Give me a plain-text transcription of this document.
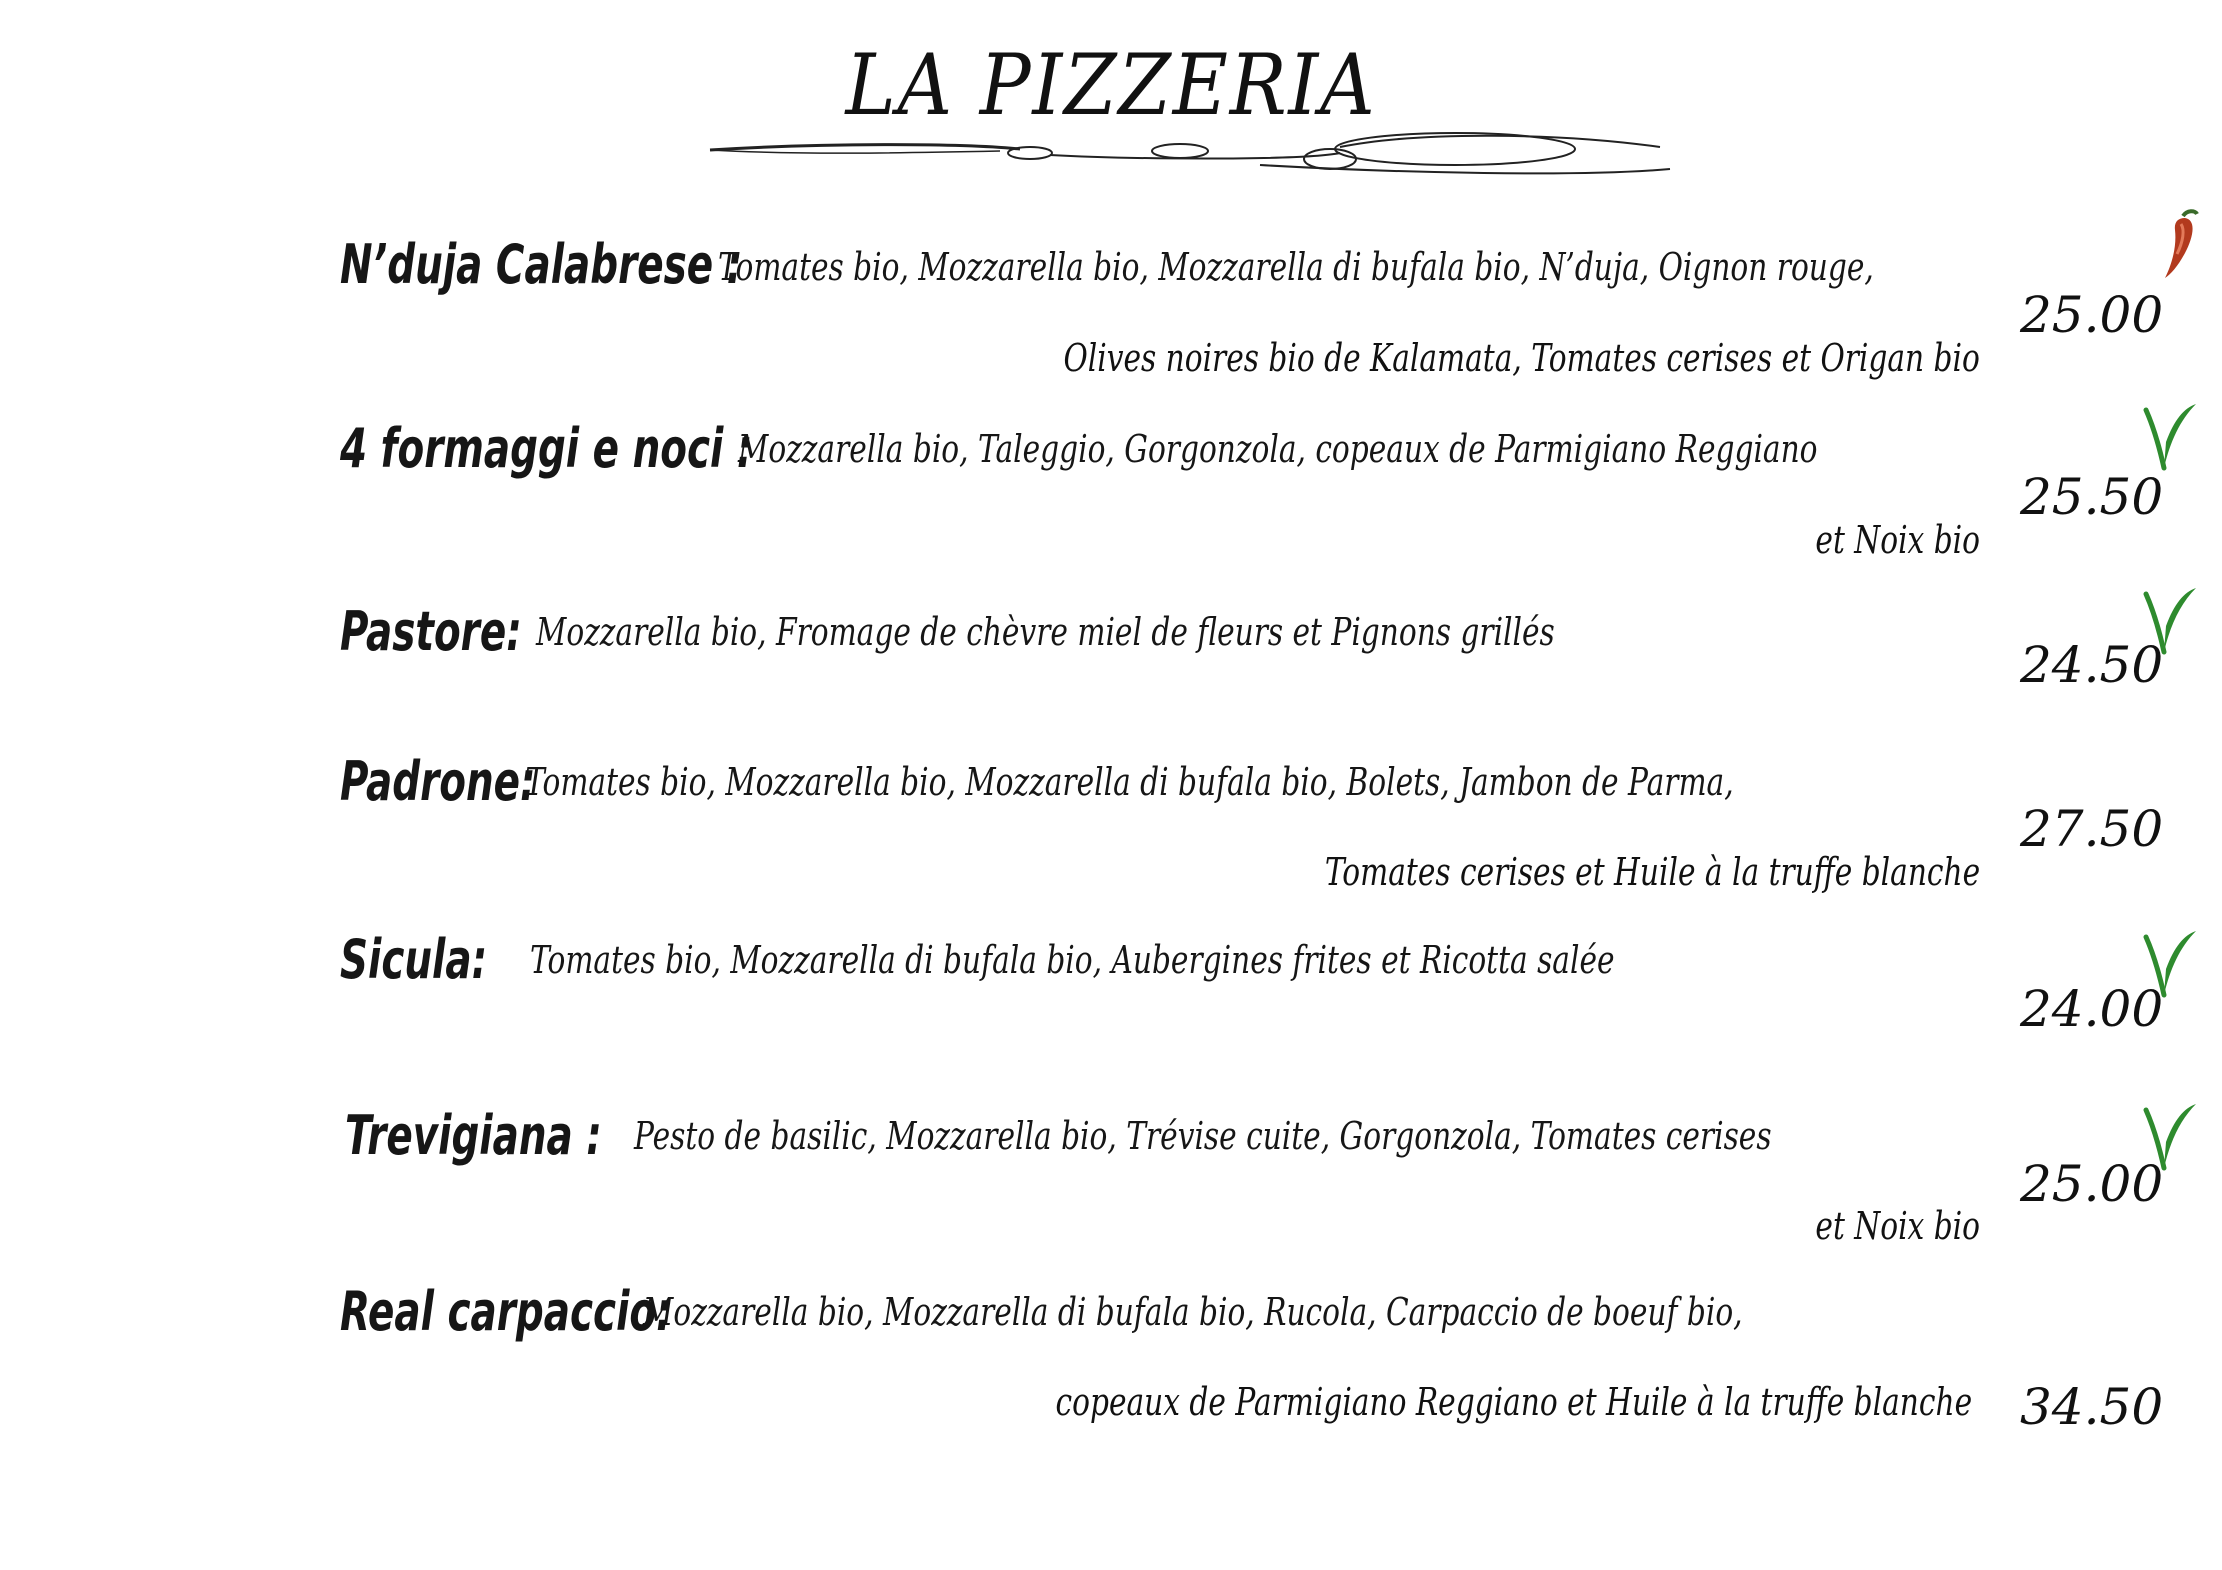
LA PIZZERIA
N’duja Calabrese :
Tomates bio, Mozzarella bio, Mozzarella di bufala bio, N’duja, Oignon rouge,
Olives noires bio de Kalamata, Tomates cerises et Origan bio
25.00
4 formaggi e noci :
Mozzarella bio, Taleggio, Gorgonzola, copeaux de Parmigiano Reggiano
et Noix bio
25.50
Pastore: Mozzarella bio, Fromage de chèvre miel de fleurs et Pignons grillés
24.50
Padrone:
Tomates bio, Mozzarella bio, Mozzarella di bufala bio, Bolets, Jambon de Parma,
Tomates cerises et Huile à la truffe blanche
27.50
Sicula:	Tomates bio, Mozzarella di bufala bio, Aubergines frites et Ricotta salée
24.00
Trevigiana : Pesto de basilic, Mozzarella bio, Trévise cuite, Gorgonzola, Tomates cerises
et Noix bio
25.00
Real carpaccio:
Mozzarella bio, Mozzarella di bufala bio, Rucola, Carpaccio de boeuf bio,
copeaux de Parmigiano Reggiano et Huile à la truffe blanche 34.50
